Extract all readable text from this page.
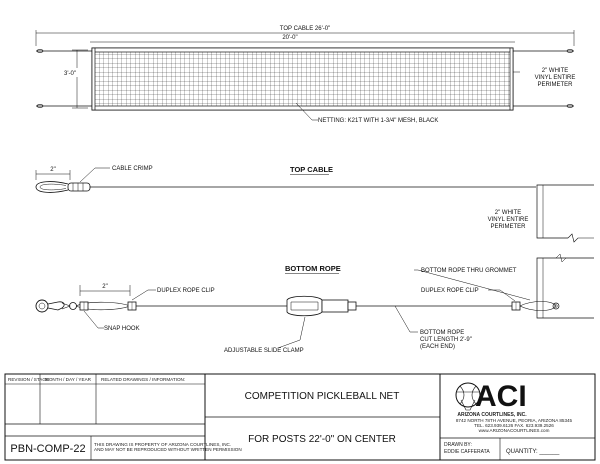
TOP CABLE 26'-0"
20'-0"
3'-0"	2" WHITE
VINYL ENTIRE
PERIMETER
NETTING: K21T WITH 1-3/4" MESH, BLACK
2"	CABLE CRIMP	TOP CABLE
2" WHITE
VINYL ENTIRE
PERIMETER
BOTTOM ROPE
2"
DUPLEX ROPE CLIP
BOTTOM ROPE THRU GROMMET
DUPLEX ROPE CLIP
SNAP HOOK
ADJUSTABLE SLIDE CLAMP
BOTTOM ROPE
CUT LENGTH 2'-9"
(EACH END)
REVISION / STAGE
MONTH / DAY / YEAR RELATED DRAWINGS / INFORMATION:
COMPETITION PICKLEBALL NET
FOR POSTS 22'-0" ON CENTER
PBN-COMP-22 THIS DRAWING IS PROPERTY OF ARIZONA COURTLINES, INC.
AND MAY NOT BE REPRODUCED WITHOUT WRITTEN PERMISSION
ACI
ARIZONA COURTLINES, INC.
8742 NORTH 78TH AVENUE, PEORIA, ARIZONA 85345
TEL. 623.939.6126 FAX. 623.939.2526
www.ARIZONACOURTLINES.com
DRAWN BY:
EDDIE CAFFERATA	QUANTITY: ______
